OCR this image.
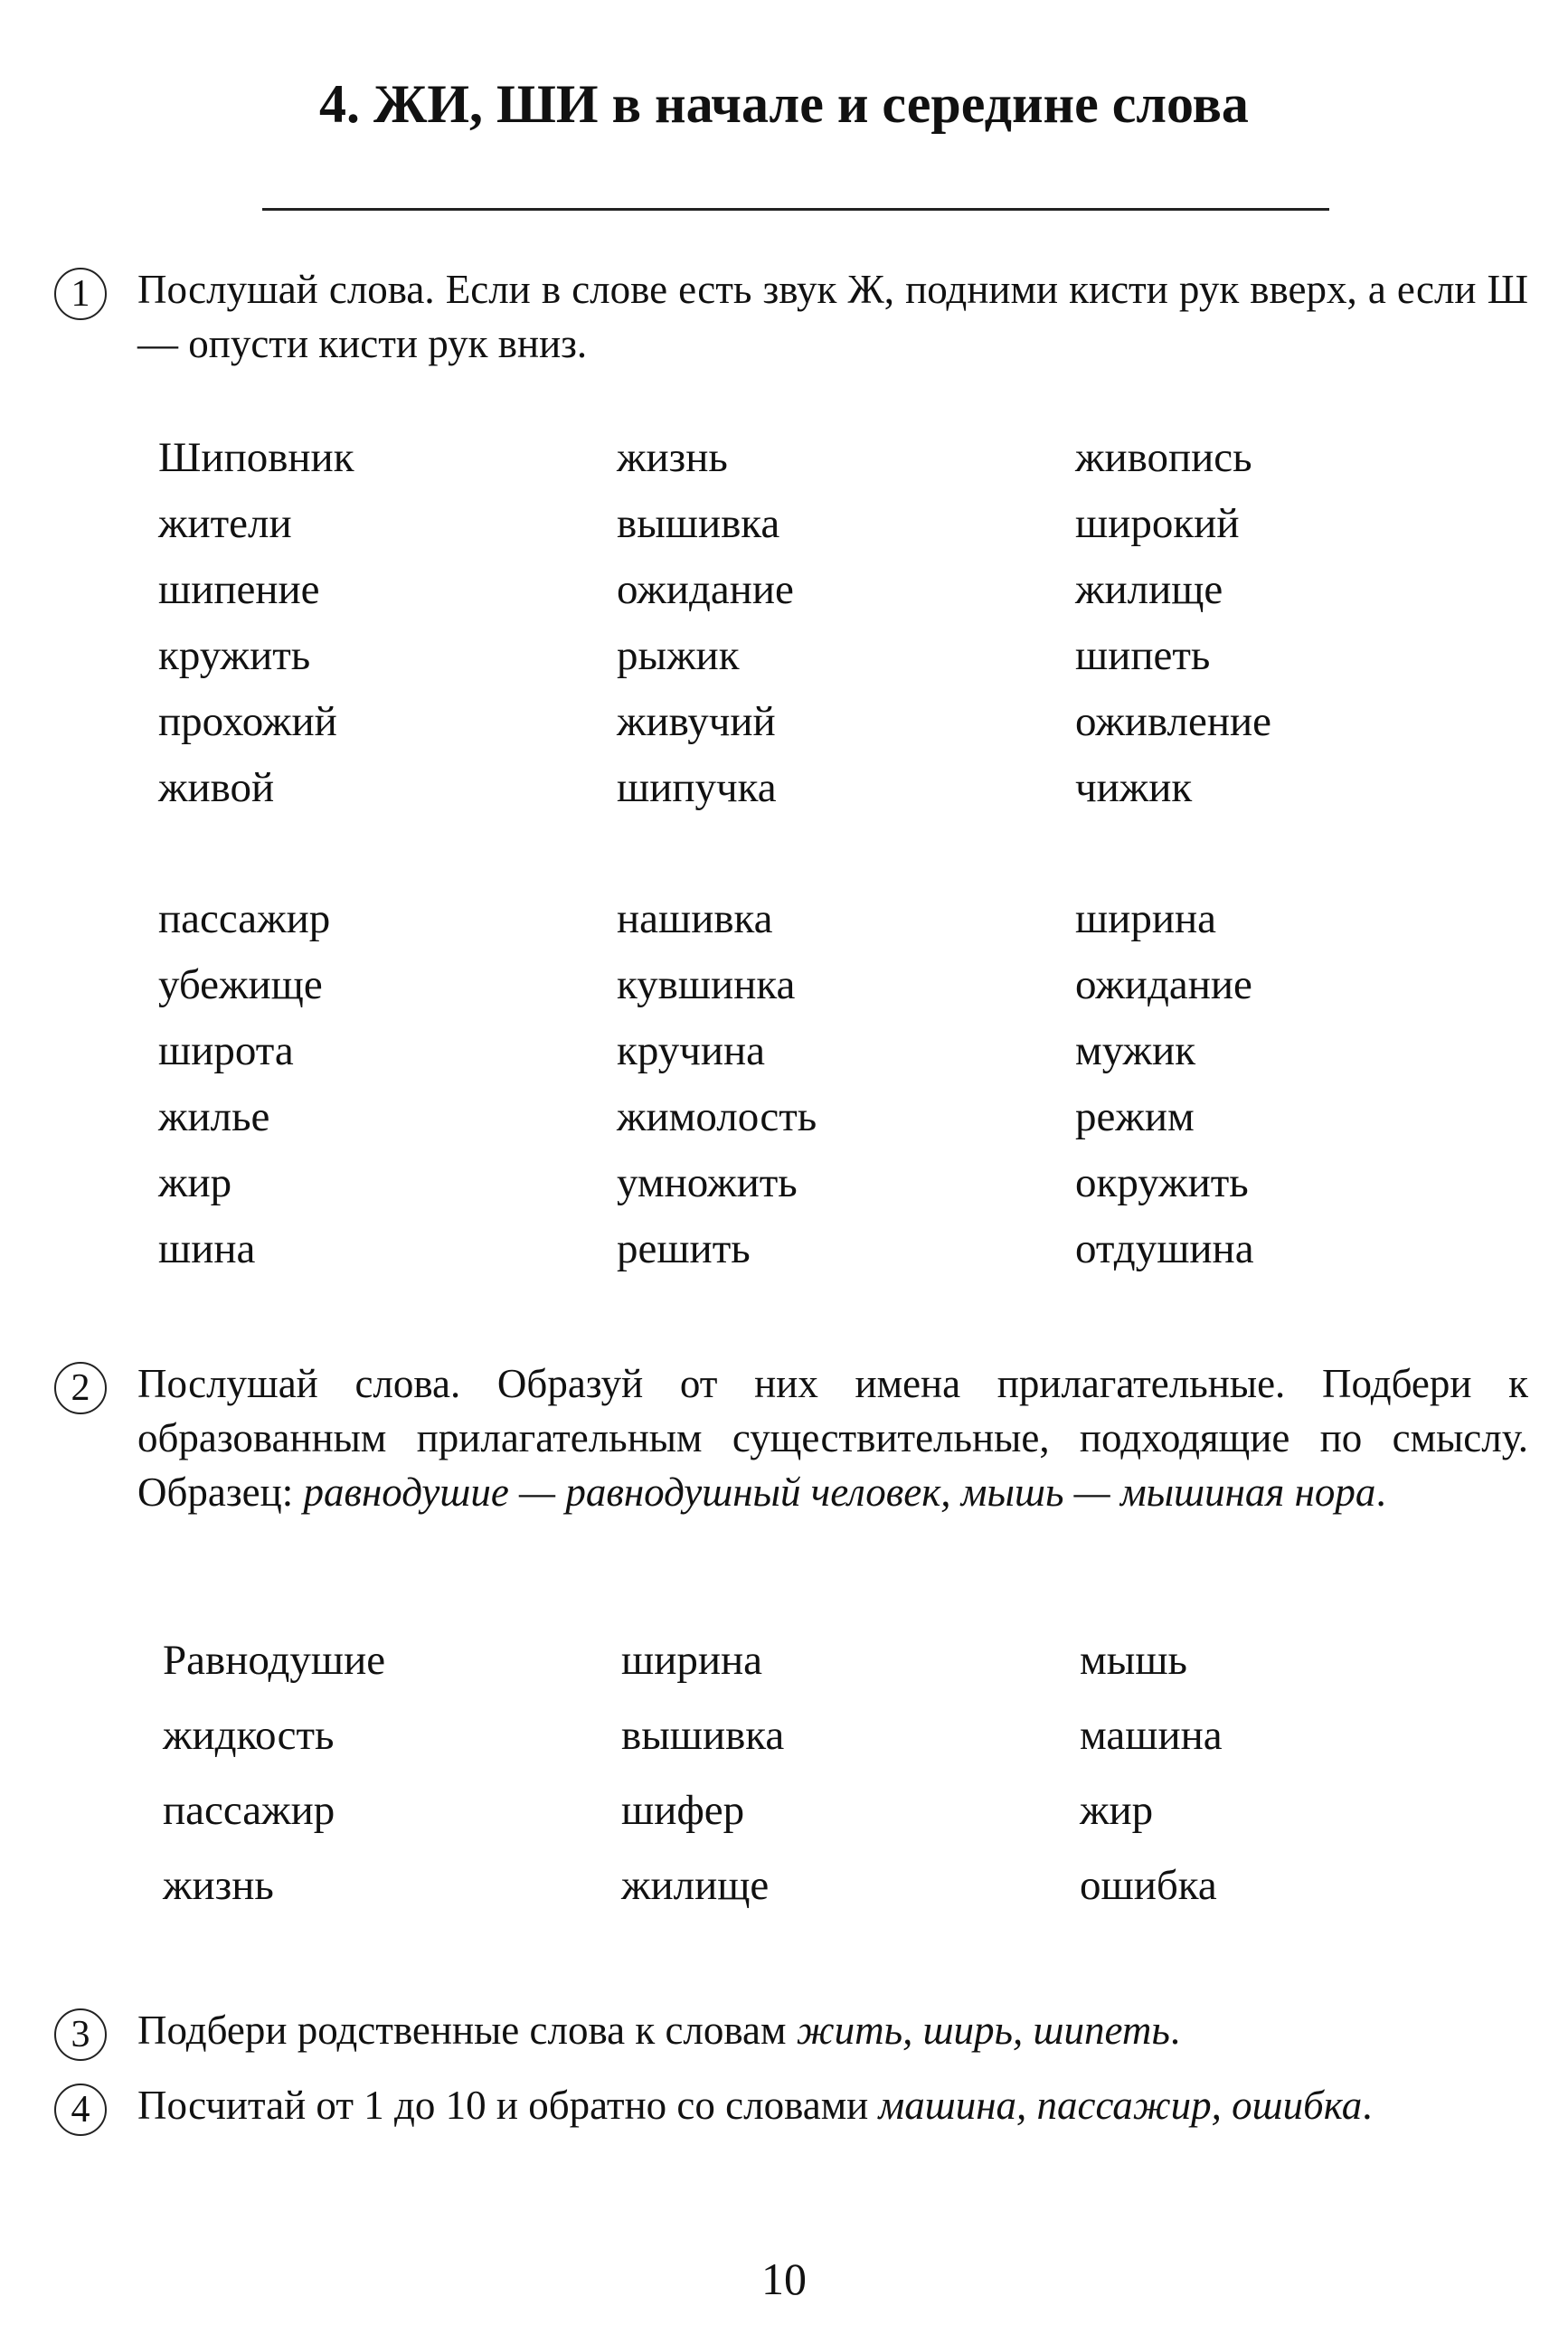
4. ЖИ, ШИ в начале и середине слова
1	Послушай слова. Если в слове есть звук Ж, подними кисти рук вверх, а если Ш — опусти кисти рук вниз.
Шиповник	жизнь	живопись
жители	вышивка	широкий
шипение	ожидание	жилище
кружить	рыжик	шипеть
прохожий	живучий	оживление
живой	шипучка	чижик
пассажир	нашивка	ширина
убежище	кувшинка	ожидание
широта	кручина	мужик
жилье	жимолость	режим
жир	умножить	окружить
шина	решить	отдушина
2	Послушай слова. Образуй от них имена прилагательные. Подбери к образованным прилагательным существительные, подходящие по смыслу. Образец: равнодушие — равнодушный человек, мышь — мышиная нора.
Равнодушие	ширина	мышь
жидкость	вышивка	машина
пассажир	шифер	жир
жизнь	жилище	ошибка
3	Подбери родственные слова к словам жить, ширь, шипеть.
4	Посчитай от 1 до 10 и обратно со словами машина, пассажир, ошибка.
10
